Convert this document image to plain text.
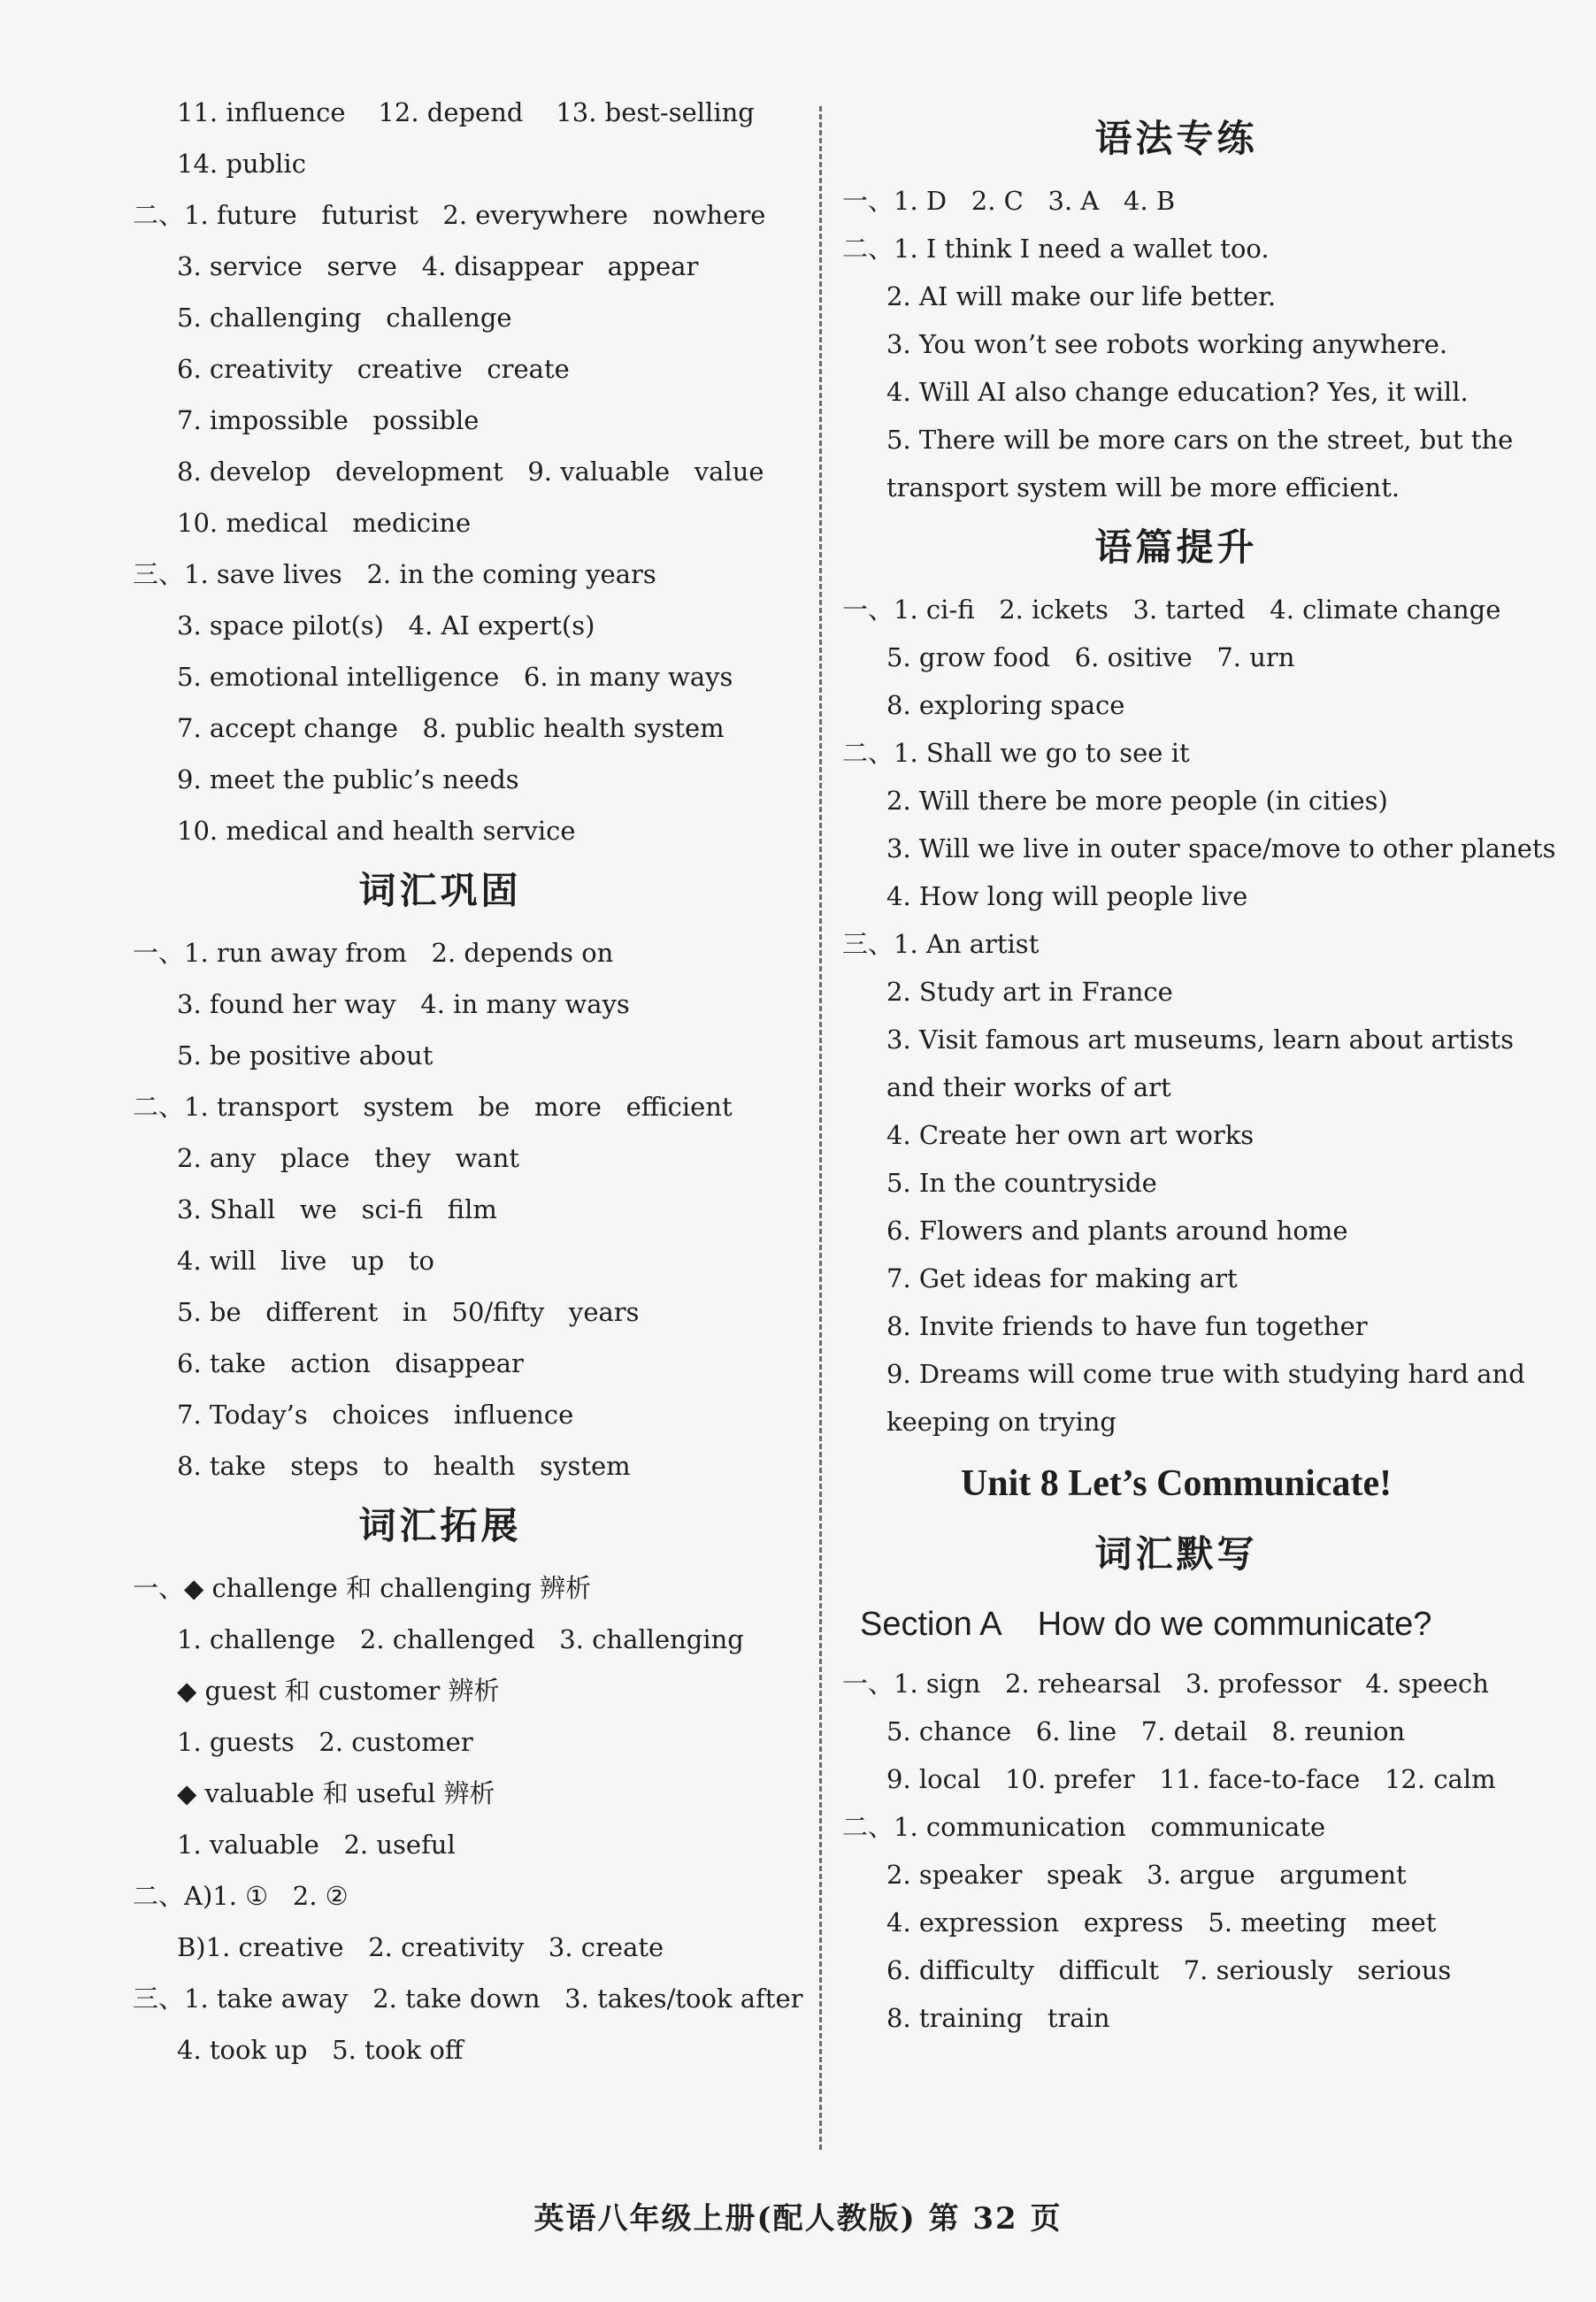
11. influence    12. depend    13. best-selling
14. public
二、1. future   futurist   2. everywhere   nowhere
3. service   serve   4. disappear   appear
5. challenging   challenge
6. creativity   creative   create
7. impossible   possible
8. develop   development   9. valuable   value
10. medical   medicine
三、1. save lives   2. in the coming years
3. space pilot(s)   4. AI expert(s)
5. emotional intelligence   6. in many ways
7. accept change   8. public health system
9. meet the public’s needs
10. medical and health service
词汇巩固
一、1. run away from   2. depends on
3. found her way   4. in many ways
5. be positive about
二、1. transport   system   be   more   efficient
2. any   place   they   want
3. Shall   we   sci-fi   film
4. will   live   up   to
5. be   different   in   50/fifty   years
6. take   action   disappear
7. Today’s   choices   influence
8. take   steps   to   health   system
词汇拓展
一、◆ challenge 和 challenging 辨析
1. challenge   2. challenged   3. challenging
◆ guest 和 customer 辨析
1. guests   2. customer
◆ valuable 和 useful 辨析
1. valuable   2. useful
二、A)1. ①   2. ②
B)1. creative   2. creativity   3. create
三、1. take away   2. take down   3. takes/took after
4. took up   5. took off
语法专练
一、1. D   2. C   3. A   4. B
二、1. I think I need a wallet too.
2. AI will make our life better.
3. You won’t see robots working anywhere.
4. Will AI also change education? Yes, it will.
5. There will be more cars on the street, but the
transport system will be more efficient.
语篇提升
一、1. ci-fi   2. ickets   3. tarted   4. climate change
5. grow food   6. ositive   7. urn
8. exploring space
二、1. Shall we go to see it
2. Will there be more people (in cities)
3. Will we live in outer space/move to other planets
4. How long will people live
三、1. An artist
2. Study art in France
3. Visit famous art museums, learn about artists
and their works of art
4. Create her own art works
5. In the countryside
6. Flowers and plants around home
7. Get ideas for making art
8. Invite friends to have fun together
9. Dreams will come true with studying hard and
keeping on trying
Unit 8 Let’s Communicate!
词汇默写
Section A    How do we communicate?
一、1. sign   2. rehearsal   3. professor   4. speech
5. chance   6. line   7. detail   8. reunion
9. local   10. prefer   11. face-to-face   12. calm
二、1. communication   communicate
2. speaker   speak   3. argue   argument
4. expression   express   5. meeting   meet
6. difficulty   difficult   7. seriously   serious
8. training   train
英语八年级上册(配人教版) 第 32 页
